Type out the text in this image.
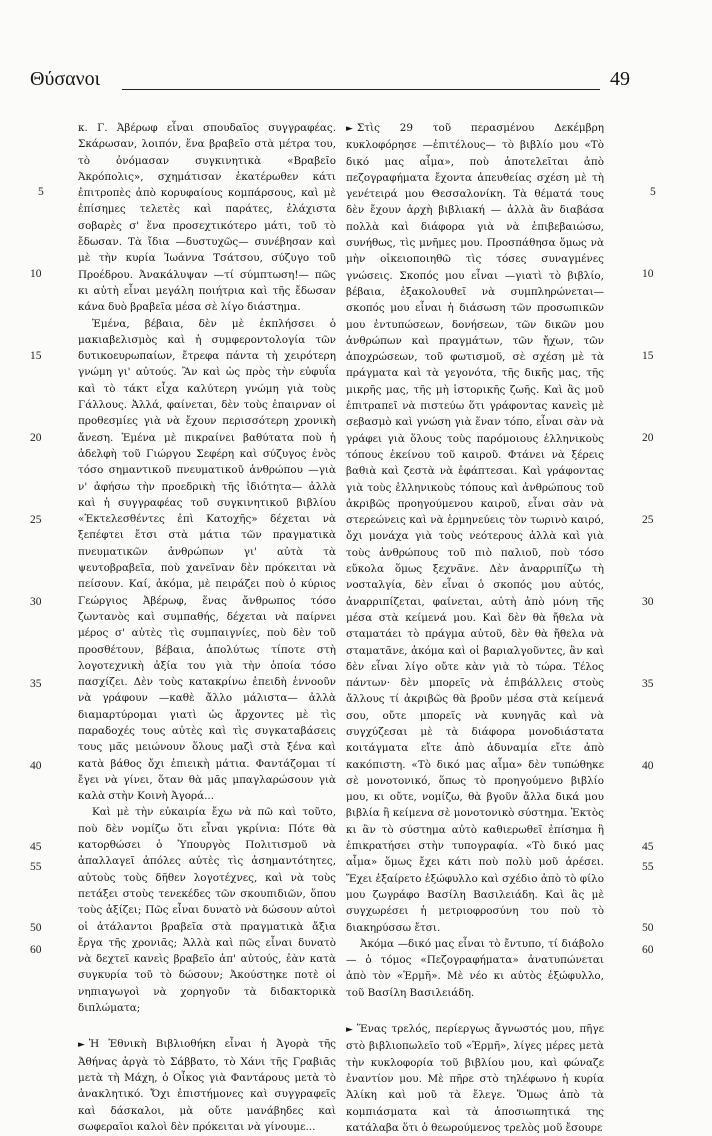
Θύσανοι	49
5
10
15
20
25
30
35
40
45
50
55
60
5
10
15
20
25
30
35
40
45
50
55
60

κ. Γ. Ἀβέρωφ εἶναι σπουδαῖος συγγραφέας. Σκάρωσαν, λοιπόν, ἕνα βραβεῖο στὰ μέτρα του, τὸ ὀνόμασαν συγκινητικὰ «Βραβεῖο Ἀκρόπολις», σχημάτισαν ἑκατέρωθεν κάτι ἐπιτροπὲς ἀπὸ κορυφαίους κομπάρσους, καὶ μὲ ἐπίσημες τελετὲς καὶ παράτες, ἐλάχιστα σοβαρὲς σ' ἕνα προσεχτικότερο μάτι, τοῦ τὸ ἔδωσαν. Τὰ ἴδια —δυστυχῶς— συνέβησαν καὶ μὲ τὴν κυρία Ἰωάννα Τσάτσου, σύζυγο τοῦ Προέδρου. Ἀνακάλυψαν —τί σύμπτωση!— πῶς κι αὐτὴ εἶναι μεγάλη ποιήτρια καὶ τῆς ἔδωσαν κάνα δυὸ βραβεῖα μέσα σὲ λίγο διάστημα.

Ἐμένα, βέβαια, δὲν μὲ ἐκπλήσσει ὁ μακιαβελισμὸς καὶ ἡ συμφεροντολογία τῶν δυτικοευρωπαίων, ἔτρεφα πάντα τὴ χειρότερη γνώμη γι' αὐτούς. Ἂν καὶ ὡς πρὸς τὴν εὐφυΐα καὶ τὸ τάκτ εἶχα καλύτερη γνώμη γιὰ τοὺς Γάλλους. Ἀλλά, φαίνεται, δὲν τοὺς ἐπαιρναν οἱ προθεσμίες γιὰ νὰ ἔχουν περισσότερη χρονικὴ ἄνεση. Ἐμένα μὲ πικραίνει βαθύτατα ποὺ ἡ ἀδελφὴ τοῦ Γιώργου Σεφέρη καὶ σύζυγος ἑνὸς τόσο σημαντικοῦ πνευματικοῦ ἀνθρώπου —γιὰ ν' ἀφήσω τὴν προεδρικὴ τῆς ἰδιότητα— ἀλλὰ καὶ ἡ συγγραφέας τοῦ συγκινητικοῦ βιβλίου «Ἐκτελεσθέντες ἐπὶ Κατοχῆς» δέχεται νὰ ξεπέφτει ἔτσι στὰ μάτια τῶν πραγματικὰ πνευματικῶν ἀνθρώπων γι' αὐτὰ τὰ ψευτοβραβεῖα, ποὺ χανεῖναν δὲν πρόκειται νὰ πείσουν. Καί, ἀκόμα, μὲ πειράζει ποὺ ὁ κύριος Γεώργιος Ἀβέρωφ, ἕνας ἄνθρωπος τόσο ζωντανὸς καὶ συμπαθής, δέχεται νὰ παίρνει μέρος σ' αὐτὲς τὶς συμπαιγνίες, ποὺ δὲν τοῦ προσθέτουν, βέβαια, ἀπολύτως τίποτε στὴ λογοτεχνικὴ ἀξία του γιὰ τὴν ὁποία τόσο πασχίζει. Δὲν τοὺς κατακρίνω ἐπειδὴ ἐννοοῦν νὰ γράφουν —καθὲ ἄλλο μάλιστα— ἀλλὰ διαμαρτύρομαι γιατὶ ὡς ἄρχοντες μὲ τὶς παραδοχές τους αὐτὲς καὶ τὶς συγκαταβάσεις τους μᾶς μειώνουν ὅλους μαζὶ στὰ ξένα καὶ κατὰ βάθος ὄχι ἐπιεικὴ μάτια. Φαντάζομαι τί ἔγει νὰ γίνει, ὅταν θὰ μᾶς μπαγλαρώσουν γιὰ καλὰ στὴν Κοινὴ Ἀγορά...

Καὶ μὲ τὴν εὐκαιρία ἔχω νὰ πῶ καὶ τοῦτο, ποὺ δὲν νομίζω ὅτι εἶναι γκρίνια: Πότε θὰ κατορθώσει ὁ Ὑπουργὸς Πολιτισμοῦ νὰ ἀπαλλαγεῖ ἀπόλες αὐτὲς τὶς ἀσημαντότητες, αὐτοὺς τοὺς δῆθεν λογοτέχνες, καὶ νὰ τοὺς πετάξει στοὺς τενεκέδες τῶν σκουπιδιῶν, ὅπου τοὺς ἀξίζει; Πῶς εἶναι δυνατὸ νὰ δώσουν αὐτοὶ οἱ ἀτάλαντοι βραβεῖα στὰ πραγματικὰ ἄξια ἔργα τῆς χρονιᾶς; Ἀλλὰ καὶ πῶς εἶναι δυνατὸ νὰ δεχτεῖ κανεὶς βραβεῖο ἀπ' αὐτούς, ἐὰν κατὰ συγκυρία τοῦ τὸ δώσουν; Ἀκούστηκε ποτὲ οἱ νηπιαγωγοὶ νὰ χορηγοῦν τὰ διδακτορικὰ διπλώματα;

► Ἡ Ἐθνικὴ Βιβλιοθήκη εἶναι ἡ Ἀγορὰ τῆς Ἀθήνας ἀργὰ τὸ Σάββατο, τὸ Χάνι τῆς Γραβιᾶς μετὰ τὴ Μάχη, ὁ Οἶκος γιὰ Φαντάρους μετὰ τὸ ἀνακλητικό. Ὄχι ἐπιστήμονες καὶ συγγραφεῖς καὶ δάσκαλοι, μὰ οὔτε μανάβηδες καὶ σωφεραῖοι καλοὶ δὲν πρόκειται νὰ γίνουμε...

► Στὶς 29 τοῦ περασμένου Δεκέμβρη κυκλοφόρησε —ἐπιτέλους— τὸ βιβλίο μου «Τὸ δικό μας αἷμα», ποὺ ἀποτελεῖται ἀπὸ πεζογραφήματα ἔχοντα ἀπευθείας σχέση μὲ τὴ γενέτειρά μου Θεσσαλονίκη. Τὰ θέματά τους δὲν ἔχουν ἀρχὴ βιβλιακή — ἀλλὰ ἂν διαβάσα πολλὰ καὶ διάφορα γιὰ νὰ ἐπιβεβαιώσω, συνήθως, τὶς μνῆμες μου. Προσπάθησα ὅμως νὰ μὴν οἰκειοποιηθῶ τὶς τόσες συναγμένες γνώσεις. Σκοπός μου εἶναι —γιατὶ τὸ βιβλίο, βέβαια, ἐξακολουθεῖ νὰ συμπληρώνεται— σκοπός μου εἶναι ἡ διάσωση τῶν προσωπικῶν μου ἐντυπώσεων, δονήσεων, τῶν δικῶν μου ἀνθρώπων καὶ πραγμάτων, τῶν ἤχων, τῶν ἀποχρώσεων, τοῦ φωτισμοῦ, σὲ σχέση μὲ τὰ πράγματα καὶ τὰ γεγονότα, τῆς δικῆς μας, τῆς μικρῆς μας, τῆς μὴ ἱστορικῆς ζωῆς. Καὶ ἂς μοῦ ἐπιτραπεῖ νὰ πιστεύω ὅτι γράφοντας κανεὶς μὲ σεβασμὸ καὶ γνώση γιὰ ἕναν τόπο, εἶναι σὰν νὰ γράφει γιὰ ὅλους τοὺς παρόμοιους ἑλληνικοὺς τόπους ἐκείνου τοῦ καιροῦ. Φτάνει νὰ ξέρεις βαθιὰ καὶ ζεστὰ νὰ ἐφάπτεσαι. Καὶ γράφοντας γιὰ τοὺς ἑλληνικοὺς τόπους καὶ ἀνθρώπους τοῦ ἀκριβῶς προηγούμενου καιροῦ, εἶναι σὰν νὰ στερεώνεις καὶ νὰ ἑρμηνεύεις τὸν τωρινὸ καιρό, ὄχι μονάχα γιὰ τοὺς νεότερους ἀλλὰ καὶ γιὰ τοὺς ἀνθρώπους τοῦ πιὸ παλιοῦ, ποὺ τόσο εὔκολα ὅμως ξεχνᾶνε. Δὲν ἀναρριπίζω τὴ νοσταλγία, δὲν εἶναι ὁ σκοπός μου αὐτός, ἀναρριπίζεται, φαίνεται, αὐτὴ ἀπὸ μόνη τῆς μέσα στὰ κείμενά μου. Καὶ δὲν θὰ ἤθελα νὰ σταματάει τὸ πράγμα αὐτοῦ, δὲν θὰ ἤθελα νὰ σταματᾶνε, ἀκόμα καὶ οἱ βαριαλγοῦντες, ἂν καὶ δὲν εἶναι λίγο οὔτε κὰν γιὰ τὸ τώρα. Τέλος πάντων· δὲν μπορεῖς νὰ ἐπιβάλλεις στοὺς ἄλλους τί ἀκριβῶς θὰ βροῦν μέσα στὰ κείμενά σου, οὔτε μπορεῖς νὰ κυνηγᾶς καὶ νὰ συγχύζεσαι μὲ τὰ διάφορα μονοδιάστατα κοιτάγματα εἴτε ἀπὸ ἀδυναμία εἴτε ἀπὸ κακόπιστη. «Τὸ δικό μας αἷμα» δὲν τυπώθηκε σὲ μονοτονικό, ὅπως τὸ προηγούμενο βιβλίο μου, κι οὔτε, νομίζω, θὰ βγοῦν ἄλλα δικά μου βιβλία ἢ κείμενα σὲ μονοτονικὸ σύστημα. Ἐκτὸς κι ἂν τὸ σύστημα αὐτὸ καθιερωθεῖ ἐπίσημα ἢ ἐπικρατήσει στὴν τυπογραφία. «Τὸ δικό μας αἷμα» ὅμως ἔχει κάτι ποὺ πολὺ μοῦ ἀρέσει. Ἔχει ἐξαίρετο ἐξώφυλλο καὶ σχέδιο ἀπὸ τὸ φίλο μου ζωγράφο Βασίλη Βασιλειάδη. Καὶ ἂς μὲ συγχωρέσει ἡ μετριοφροσύνη του ποὺ τὸ διακηρύσσω ἔτσι.

Ἀκόμα —δικό μας εἶναι τὸ ἔντυπο, τί διάβολο— ὁ τόμος «Πεζογραφήματα» ἀνατυπώνεται ἀπὸ τὸν «Ἑρμῆ». Μὲ νέο κι αὐτὸς ἐξώφυλλο, τοῦ Βασίλη Βασιλειάδη.

► Ἕνας τρελός, περίεργως ἄγνωστός μου, πῆγε στὸ βιβλιοπωλεῖο τοῦ «Ἑρμῆ», λίγες μέρες μετὰ τὴν κυκλοφορία τοῦ βιβλίου μου, καὶ φώναζε ἐναντίον μου. Μὲ πῆρε στὸ τηλέφωνο ἡ κυρία Ἀλίκη καὶ μοῦ τὰ ἔλεγε. Ὅμως ἀπὸ τὰ κομπιάσματα καὶ τὰ ἀποσιωπητικά της κατάλαβα ὅτι ὁ θεωρούμενος τρελὸς μοῦ ἔσουρε
